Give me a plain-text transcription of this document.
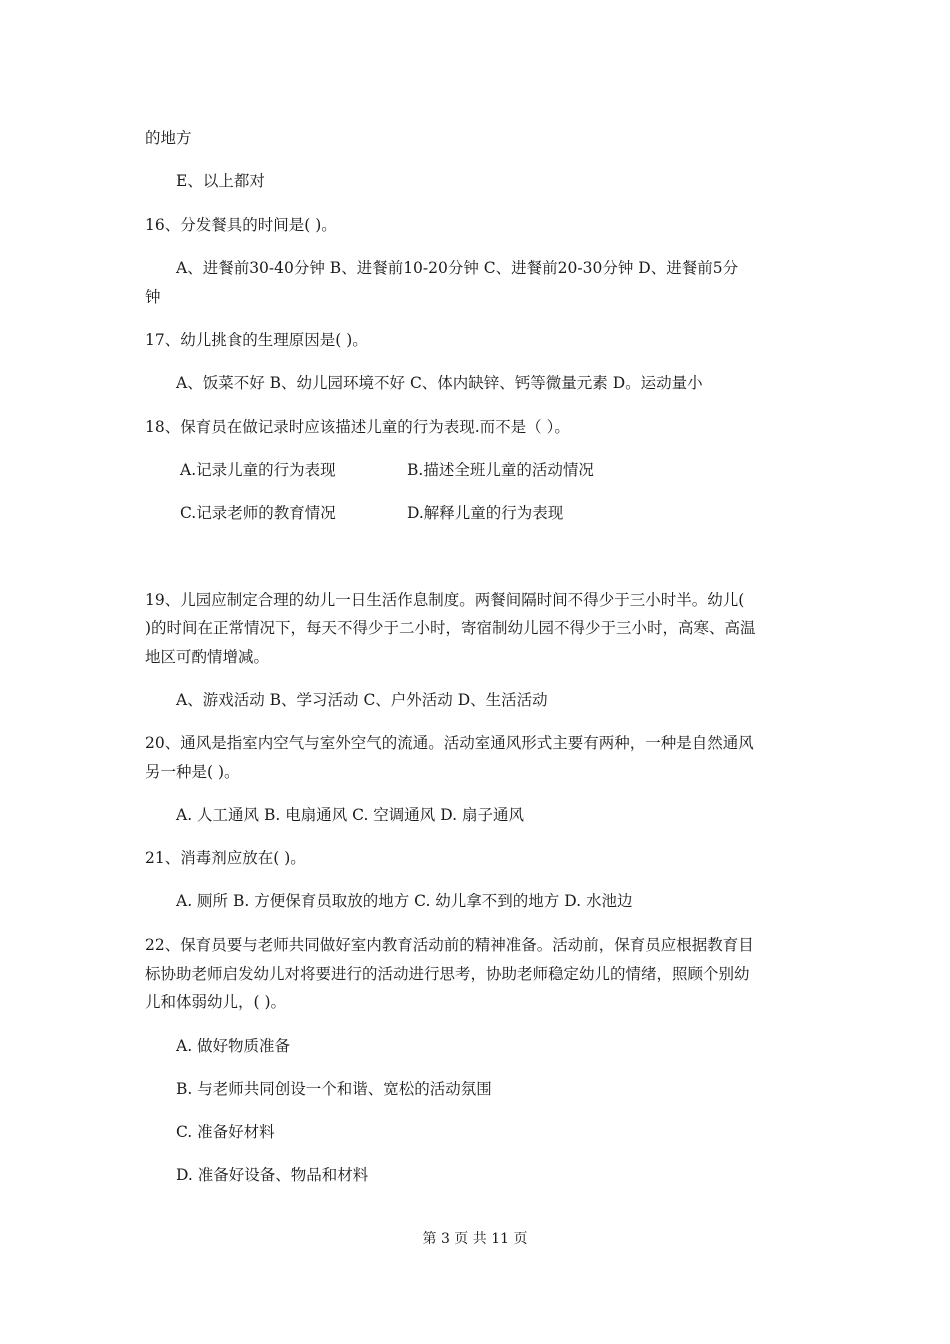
的地方
E、以上都对
16、分发餐具的时间是( )。
A、进餐前30-40分钟 B、进餐前10-20分钟 C、进餐前20-30分钟 D、进餐前5分
钟
17、幼儿挑食的生理原因是( )。
A、饭菜不好 B、幼儿园环境不好 C、体内缺锌、钙等微量元素 D。运动量小
18、保育员在做记录时应该描述儿童的行为表现.而不是（ ）。
A.记录儿童的行为表现	B.描述全班儿童的活动情况
C.记录老师的教育情况	D.解释儿童的行为表现
19、儿园应制定合理的幼儿一日生活作息制度。两餐间隔时间不得少于三小时半。幼儿(
)的时间在正常情况下，每天不得少于二小时，寄宿制幼儿园不得少于三小时，高寒、高温
地区可酌情增减。
A、游戏活动 B、学习活动 C、户外活动 D、生活活动
20、通风是指室内空气与室外空气的流通。活动室通风形式主要有两种，一种是自然通风
另一种是( )。
A. 人工通风 B. 电扇通风 C. 空调通风 D. 扇子通风
21、消毒剂应放在( )。
A. 厕所 B. 方便保育员取放的地方 C. 幼儿拿不到的地方 D. 水池边
22、保育员要与老师共同做好室内教育活动前的精神准备。活动前，保育员应根据教育目
标协助老师启发幼儿对将要进行的活动进行思考，协助老师稳定幼儿的情绪，照顾个别幼
儿和体弱幼儿，( )。
A. 做好物质准备
B. 与老师共同创设一个和谐、宽松的活动氛围
C. 准备好材料
D. 准备好设备、物品和材料
第 3 页 共 11 页
